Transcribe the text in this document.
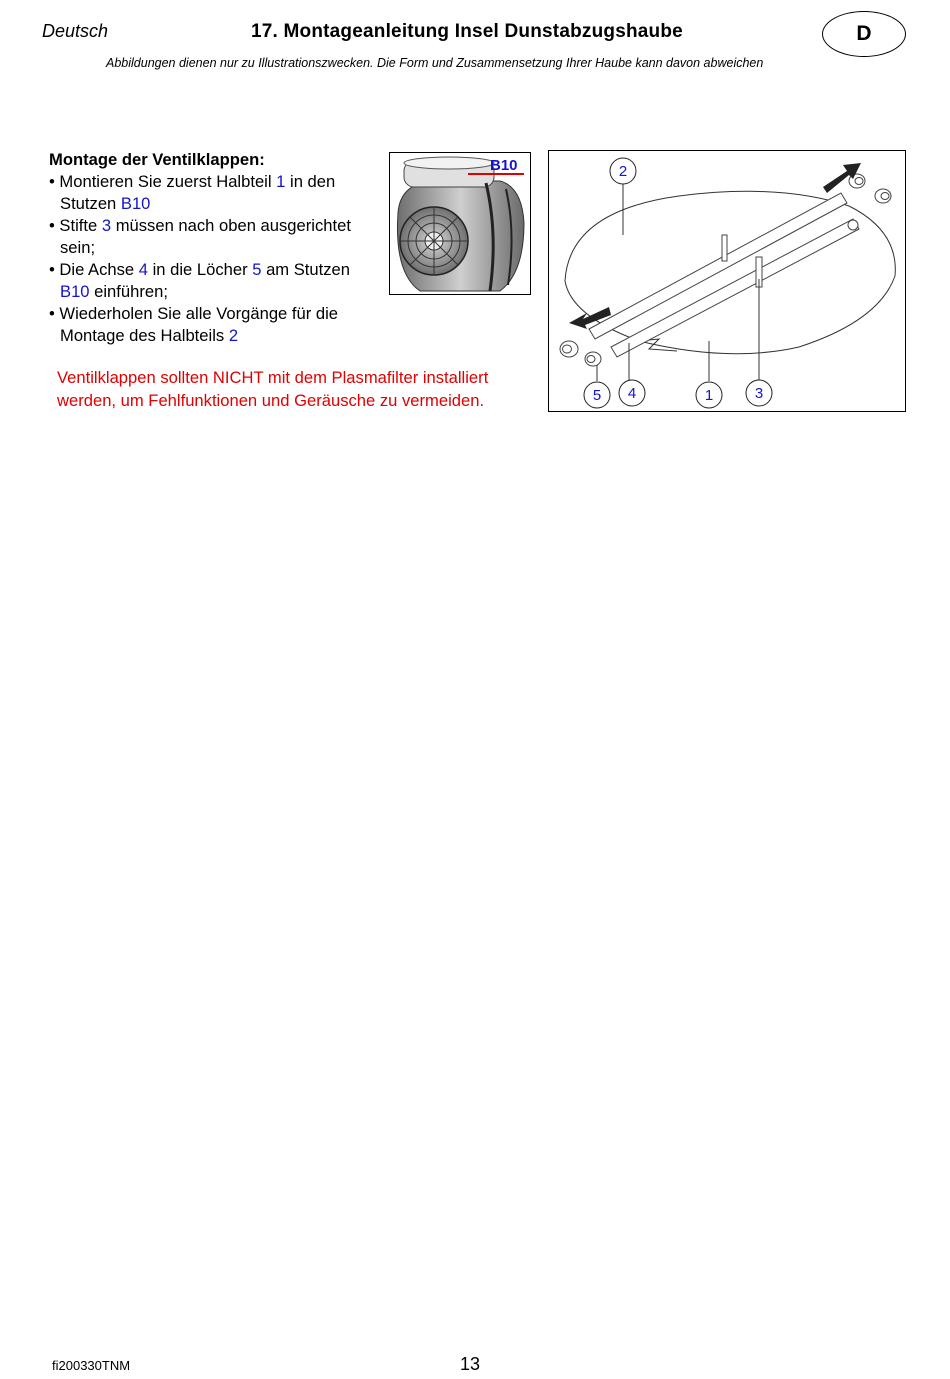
Deutsch	17. Montageanleitung Insel Dunstabzugshaube	D
Abbildungen dienen nur zu Illustrationszwecken. Die Form und Zusammensetzung Ihrer Haube kann davon abweichen
Montage der Ventilklappen:
• Montieren Sie zuerst Halbteil 1 in den Stutzen B10
• Stifte 3 müssen nach oben ausgerichtet sein;
• Die Achse 4 in die Löcher 5 am Stutzen B10 einführen;
• Wiederholen Sie alle Vorgänge für die Montage des Halbteils 2
Ventilklappen sollten NICHT mit dem Plasmafilter installiert werden, um Fehlfunktionen und Geräusche zu vermeiden.
B10	2
5 4	1	3
fi200330TNM	13
